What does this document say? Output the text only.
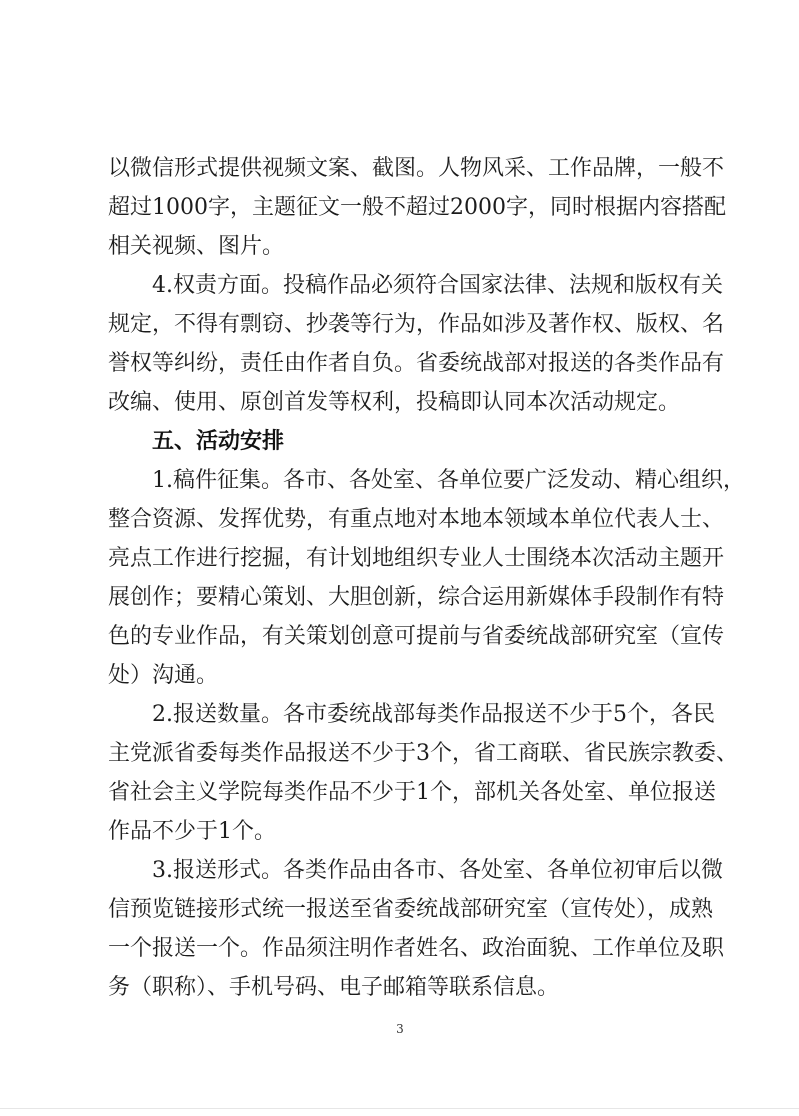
以微信形式提供视频文案、截图。人物风采、工作品牌，一般不
超过1000字，主题征文一般不超过2000字，同时根据内容搭配
相关视频、图片。
4.权责方面。投稿作品必须符合国家法律、法规和版权有关
规定，不得有剽窃、抄袭等行为，作品如涉及著作权、版权、名
誉权等纠纷，责任由作者自负。省委统战部对报送的各类作品有
改编、使用、原创首发等权利，投稿即认同本次活动规定。
五、活动安排
1.稿件征集。各市、各处室、各单位要广泛发动、精心组织，
整合资源、发挥优势，有重点地对本地本领域本单位代表人士、
亮点工作进行挖掘，有计划地组织专业人士围绕本次活动主题开
展创作；要精心策划、大胆创新，综合运用新媒体手段制作有特
色的专业作品，有关策划创意可提前与省委统战部研究室（宣传
处）沟通。
2.报送数量。各市委统战部每类作品报送不少于5个，各民
主党派省委每类作品报送不少于3个，省工商联、省民族宗教委、
省社会主义学院每类作品不少于1个，部机关各处室、单位报送
作品不少于1个。
3.报送形式。各类作品由各市、各处室、各单位初审后以微
信预览链接形式统一报送至省委统战部研究室（宣传处），成熟
一个报送一个。作品须注明作者姓名、政治面貌、工作单位及职
务（职称）、手机号码、电子邮箱等联系信息。
3
